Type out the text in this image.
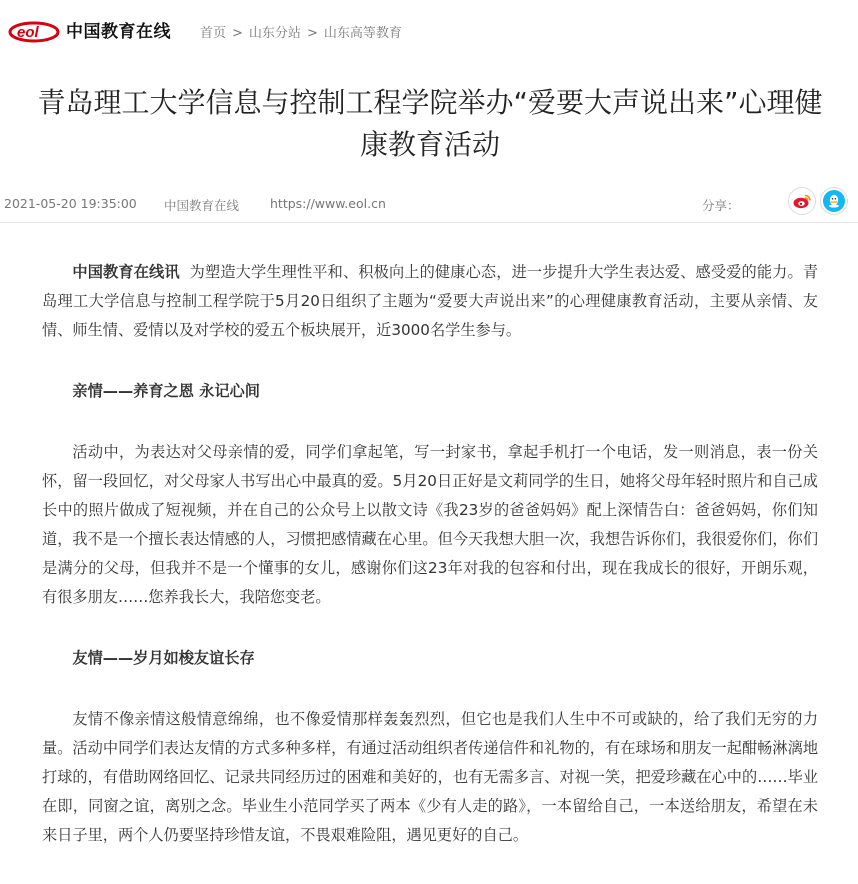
eol 中国教育在线 首页 > 山东分站 > 山东高等教育
青岛理工大学信息与控制工程学院举办“爱要大声说出来”心理健康教育活动
2021-05-20 19:35:00 中国教育在线 https://www.eol.cn	分享：

中国教育在线讯 为塑造大学生理性平和、积极向上的健康心态，进一步提升大学生表达爱、感受爱的能力。青岛理工大学信息与控制工程学院于5月20日组织了主题为“爱要大声说出来”的心理健康教育活动，主要从亲情、友情、师生情、爱情以及对学校的爱五个板块展开，近3000名学生参与。

亲情——养育之恩 永记心间

活动中，为表达对父母亲情的爱，同学们拿起笔，写一封家书，拿起手机打一个电话，发一则消息，表一份关怀，留一段回忆，对父母家人书写出心中最真的爱。5月20日正好是文莉同学的生日，她将父母年轻时照片和自己成长中的照片做成了短视频，并在自己的公众号上以散文诗《我23岁的爸爸妈妈》配上深情告白：爸爸妈妈，你们知道，我不是一个擅长表达情感的人，习惯把感情藏在心里。但今天我想大胆一次，我想告诉你们，我很爱你们，你们是满分的父母，但我并不是一个懂事的女儿，感谢你们这23年对我的包容和付出，现在我成长的很好，开朗乐观，有很多朋友……您养我长大，我陪您变老。

友情——岁月如梭友谊长存

友情不像亲情这般情意绵绵，也不像爱情那样轰轰烈烈，但它也是我们人生中不可或缺的，给了我们无穷的力量。活动中同学们表达友情的方式多种多样，有通过活动组织者传递信件和礼物的，有在球场和朋友一起酣畅淋漓地打球的，有借助网络回忆、记录共同经历过的困难和美好的，也有无需多言、对视一笑，把爱珍藏在心中的……毕业在即，同窗之谊，离别之念。毕业生小范同学买了两本《少有人走的路》，一本留给自己，一本送给朋友，希望在未来日子里，两个人仍要坚持珍惜友谊，不畏艰难险阻，遇见更好的自己。
